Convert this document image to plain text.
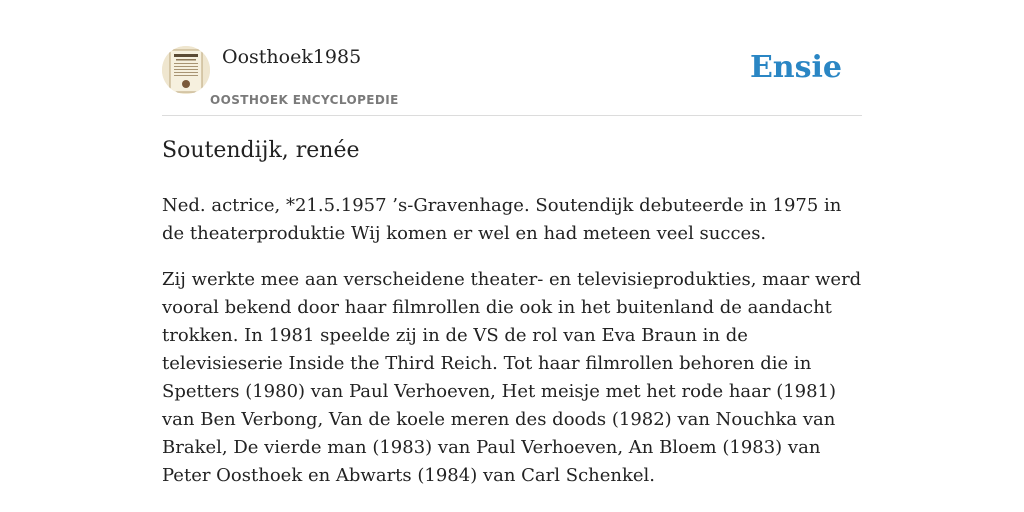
Oosthoek1985
OOSTHOEK ENCYCLOPEDIE
Ensie
Soutendijk, renée

Ned. actrice, *21.5.1957 ’s-Gravenhage. Soutendijk debuteerde in 1975 in de theaterproduktie Wij komen er wel en had meteen veel succes.

Zij werkte mee aan verscheidene theater- en televisieprodukties, maar werd vooral bekend door haar filmrollen die ook in het buitenland de aandacht trokken. In 1981 speelde zij in de VS de rol van Eva Braun in de televisieserie Inside the Third Reich. Tot haar filmrollen behoren die in Spetters (1980) van Paul Verhoeven, Het meisje met het rode haar (1981) van Ben Verbong, Van de koele meren des doods (1982) van Nouchka van Brakel, De vierde man (1983) van Paul Verhoeven, An Bloem (1983) van Peter Oosthoek en Abwarts (1984) van Carl Schenkel.
